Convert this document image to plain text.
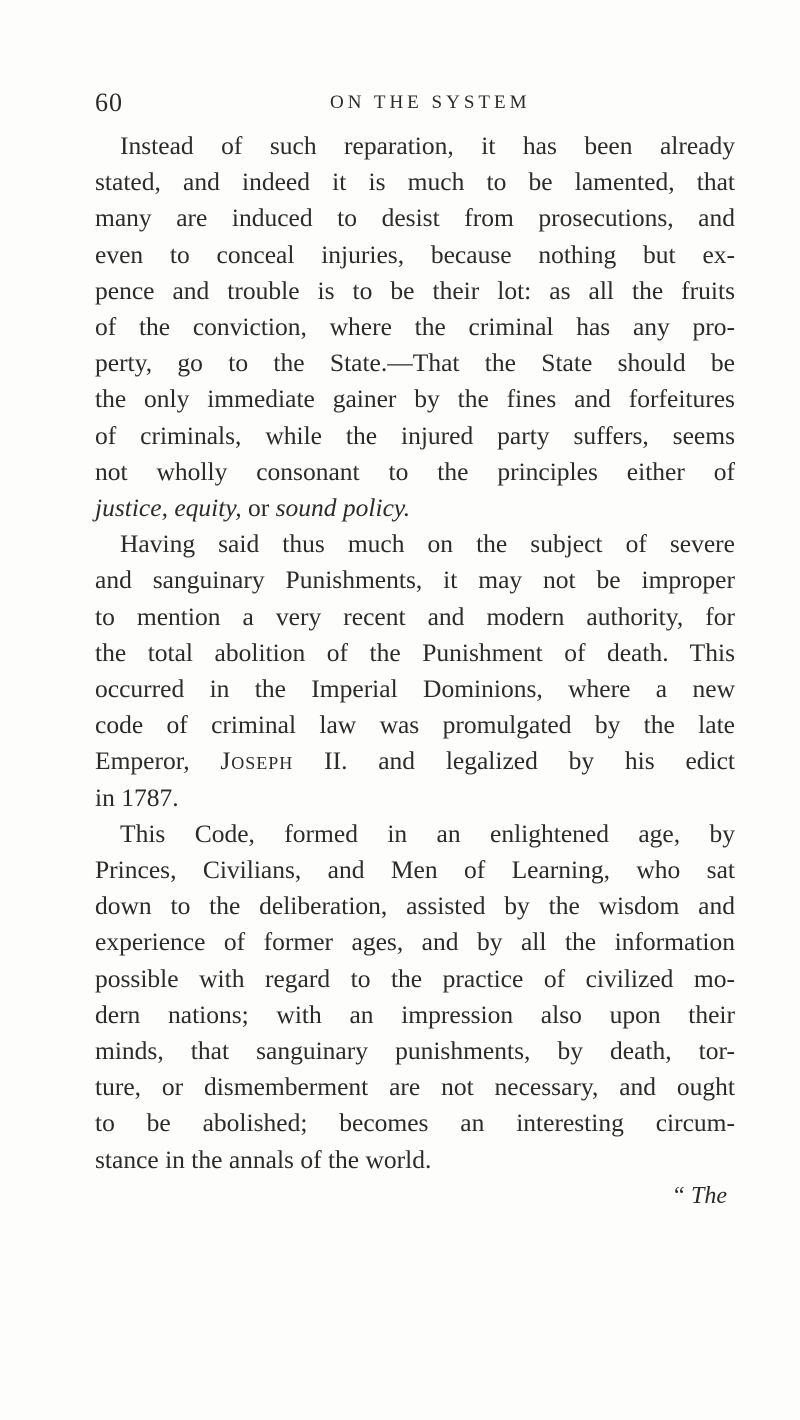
60	ON THE SYSTEM
Instead of such reparation, it has been already
stated, and indeed it is much to be lamented, that
many are induced to desist from prosecutions, and
even to conceal injuries, because nothing but ex-
pence and trouble is to be their lot: as all the fruits
of the conviction, where the criminal has any pro-
perty, go to the State.—That the State should be
the only immediate gainer by the fines and forfeitures
of criminals, while the injured party suffers, seems
not wholly consonant to the principles either of
justice, equity, or sound policy.
Having said thus much on the subject of severe
and sanguinary Punishments, it may not be improper
to mention a very recent and modern authority, for
the total abolition of the Punishment of death. This
occurred in the Imperial Dominions, where a new
code of criminal law was promulgated by the late
Emperor, Joseph II. and legalized by his edict
in 1787.
This Code, formed in an enlightened age, by
Princes, Civilians, and Men of Learning, who sat
down to the deliberation, assisted by the wisdom and
experience of former ages, and by all the information
possible with regard to the practice of civilized mo-
dern nations; with an impression also upon their
minds, that sanguinary punishments, by death, tor-
ture, or dismemberment are not necessary, and ought
to be abolished; becomes an interesting circum-
stance in the annals of the world.
“ The
